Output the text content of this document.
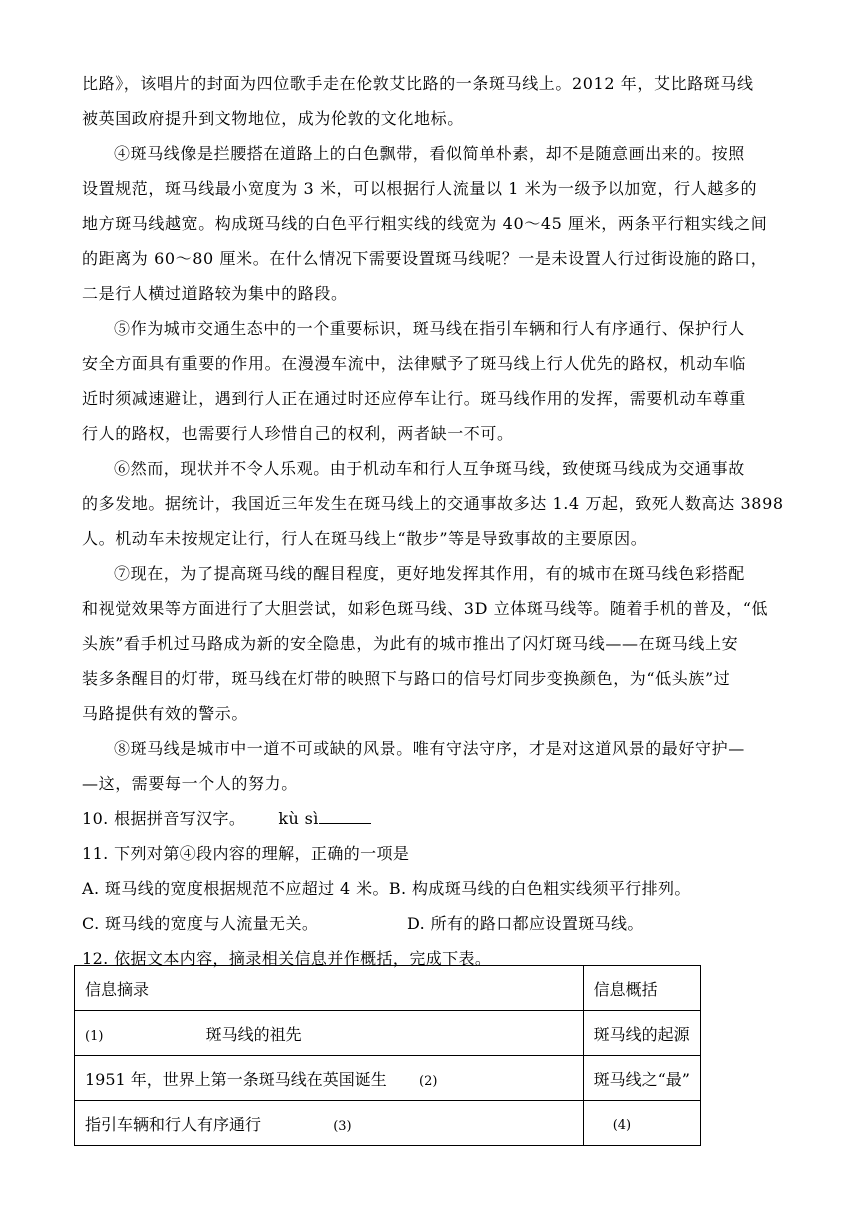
比路》，该唱片的封面为四位歌手走在伦敦艾比路的一条斑马线上。2012 年，艾比路斑马线
被英国政府提升到文物地位，成为伦敦的文化地标。
④斑马线像是拦腰搭在道路上的白色飘带，看似简单朴素，却不是随意画出来的。按照
设置规范，斑马线最小宽度为 3 米，可以根据行人流量以 1 米为一级予以加宽，行人越多的
地方斑马线越宽。构成斑马线的白色平行粗实线的线宽为 40～45 厘米，两条平行粗实线之间
的距离为 60～80 厘米。在什么情况下需要设置斑马线呢？一是未设置人行过街设施的路口，
二是行人横过道路较为集中的路段。
⑤作为城市交通生态中的一个重要标识，斑马线在指引车辆和行人有序通行、保护行人
安全方面具有重要的作用。在漫漫车流中，法律赋予了斑马线上行人优先的路权，机动车临
近时须减速避让，遇到行人正在通过时还应停车让行。斑马线作用的发挥，需要机动车尊重
行人的路权，也需要行人珍惜自己的权利，两者缺一不可。
⑥然而，现状并不令人乐观。由于机动车和行人互争斑马线，致使斑马线成为交通事故
的多发地。据统计，我国近三年发生在斑马线上的交通事故多达 1.4 万起，致死人数高达 3898
人。机动车未按规定让行，行人在斑马线上“散步”等是导致事故的主要原因。
⑦现在，为了提高斑马线的醒目程度，更好地发挥其作用，有的城市在斑马线色彩搭配
和视觉效果等方面进行了大胆尝试，如彩色斑马线、3D 立体斑马线等。随着手机的普及，“低
头族”看手机过马路成为新的安全隐患，为此有的城市推出了闪灯斑马线——在斑马线上安
装多条醒目的灯带，斑马线在灯带的映照下与路口的信号灯同步变换颜色，为“低头族”过
马路提供有效的警示。
⑧斑马线是城市中一道不可或缺的风景。唯有守法守序，才是对这道风景的最好守护—
—这，需要每一个人的努力。
10. 根据拼音写汉字。 kù sì
11. 下列对第④段内容的理解，正确的一项是
A. 斑马线的宽度根据规范不应超过 4 米。 B. 构成斑马线的白色粗实线须平行排列。
C. 斑马线的宽度与人流量无关。	D. 所有的路口都应设置斑马线。
12. 依据文本内容，摘录相关信息并作概括，完成下表。
信息摘录	信息概括
(1) 斑马线的祖先	斑马线的起源
1951 年，世界上第一条斑马线在英国诞生 (2)	斑马线之“最”
指引车辆和行人有序通行 (3)	(4)
